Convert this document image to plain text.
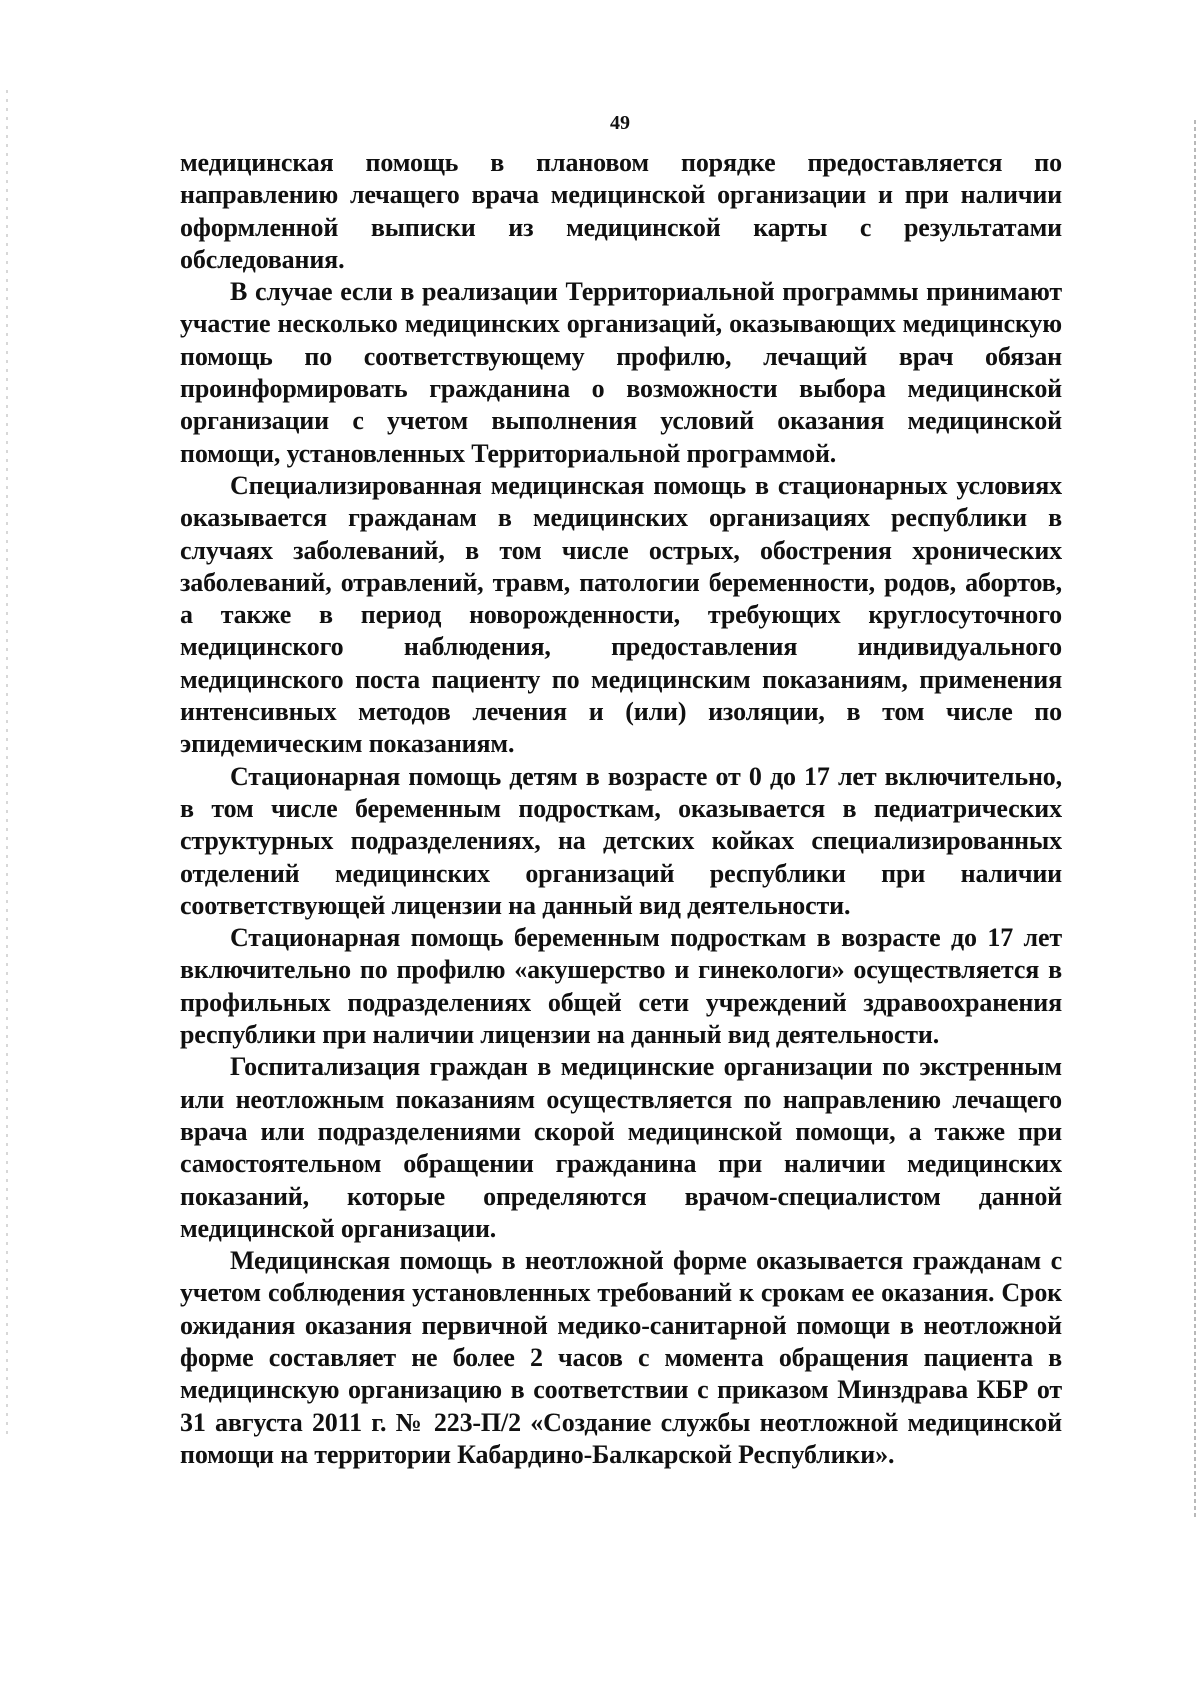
49

медицинская помощь в плановом порядке предоставляется по направлению лечащего врача медицинской организации и при наличии оформленной выписки из медицинской карты с результатами обследования.

В случае если в реализации Территориальной программы принимают участие несколько медицинских организаций, оказывающих медицинскую помощь по соответствующему профилю, лечащий врач обязан проинформировать гражданина о возможности выбора медицинской организации с учетом выполнения условий оказания медицинской помощи, установленных Территориальной программой.

Специализированная медицинская помощь в стационарных условиях оказывается гражданам в медицинских организациях республики в случаях заболеваний, в том числе острых, обострения хронических заболеваний, отравлений, травм, патологии беременности, родов, абортов, а также в период новорожденности, требующих круглосуточного медицинского наблюдения, предоставления индивидуального медицинского поста пациенту по медицинским показаниям, применения интенсивных методов лечения и (или) изоляции, в том числе по эпидемическим показаниям.

Стационарная помощь детям в возрасте от 0 до 17 лет включительно, в том числе беременным подросткам, оказывается в педиатрических структурных подразделениях, на детских койках специализированных отделений медицинских организаций республики при наличии соответствующей лицензии на данный вид деятельности.

Стационарная помощь беременным подросткам в возрасте до 17 лет включительно по профилю «акушерство и гинекологи» осуществляется в профильных подразделениях общей сети учреждений здравоохранения республики при наличии лицензии на данный вид деятельности.

Госпитализация граждан в медицинские организации по экстренным или неотложным показаниям осуществляется по направлению лечащего врача или подразделениями скорой медицинской помощи, а также при самостоятельном обращении гражданина при наличии медицинских показаний, которые определяются врачом-специалистом данной медицинской организации.

Медицинская помощь в неотложной форме оказывается гражданам с учетом соблюдения установленных требований к срокам ее оказания. Срок ожидания оказания первичной медико-санитарной помощи в неотложной форме составляет не более 2 часов с момента обращения пациента в медицинскую организацию в соответствии с приказом Минздрава КБР от 31 августа 2011 г. № 223-П/2 «Создание службы неотложной медицинской помощи на территории Кабардино-Балкарской Республики».
